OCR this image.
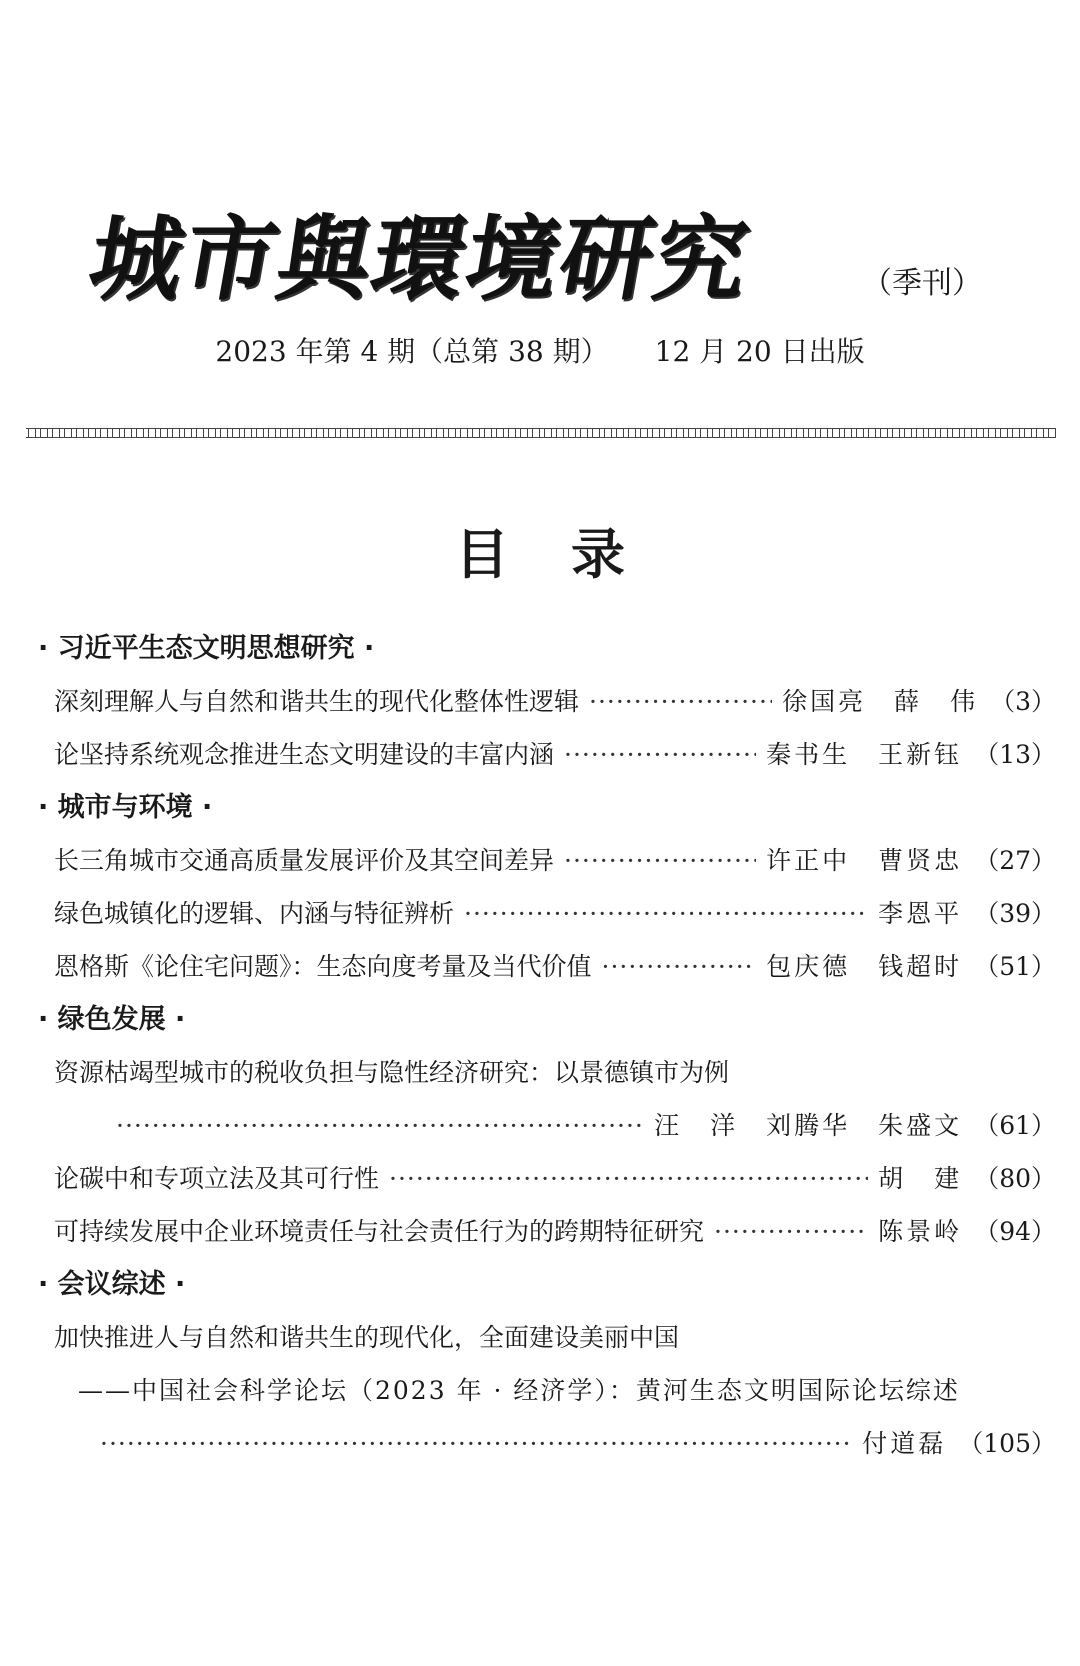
城市與環境研究	（季刊）
2023 年第 4 期（总第 38 期） 12 月 20 日出版
目录
· 习近平生态文明思想研究 ·
深刻理解人与自然和谐共生的现代化整体性逻辑 ·····	徐国亮　薛　伟 （3）
论坚持系统观念推进生态文明建设的丰富内涵 ·····	秦书生　王新钰 （13）
· 城市与环境 ·
长三角城市交通高质量发展评价及其空间差异 ·····	许正中　曹贤忠 （27）
绿色城镇化的逻辑、内涵与特征辨析 ·····	李恩平 （39）
恩格斯《论住宅问题》：生态向度考量及当代价值 ·····	包庆德　钱超时 （51）
· 绿色发展 ·
资源枯竭型城市的税收负担与隐性经济研究：以景德镇市为例
·····
汪　洋　刘腾华　朱盛文 （61）
论碳中和专项立法及其可行性 ·····	胡　建 （80）
可持续发展中企业环境责任与社会责任行为的跨期特征研究 ·····	陈景岭 （94）
· 会议综述 ·
加快推进人与自然和谐共生的现代化，全面建设美丽中国
——中国社会科学论坛（2023 年 · 经济学）：黄河生态文明国际论坛综述
·····
付道磊 （105）
